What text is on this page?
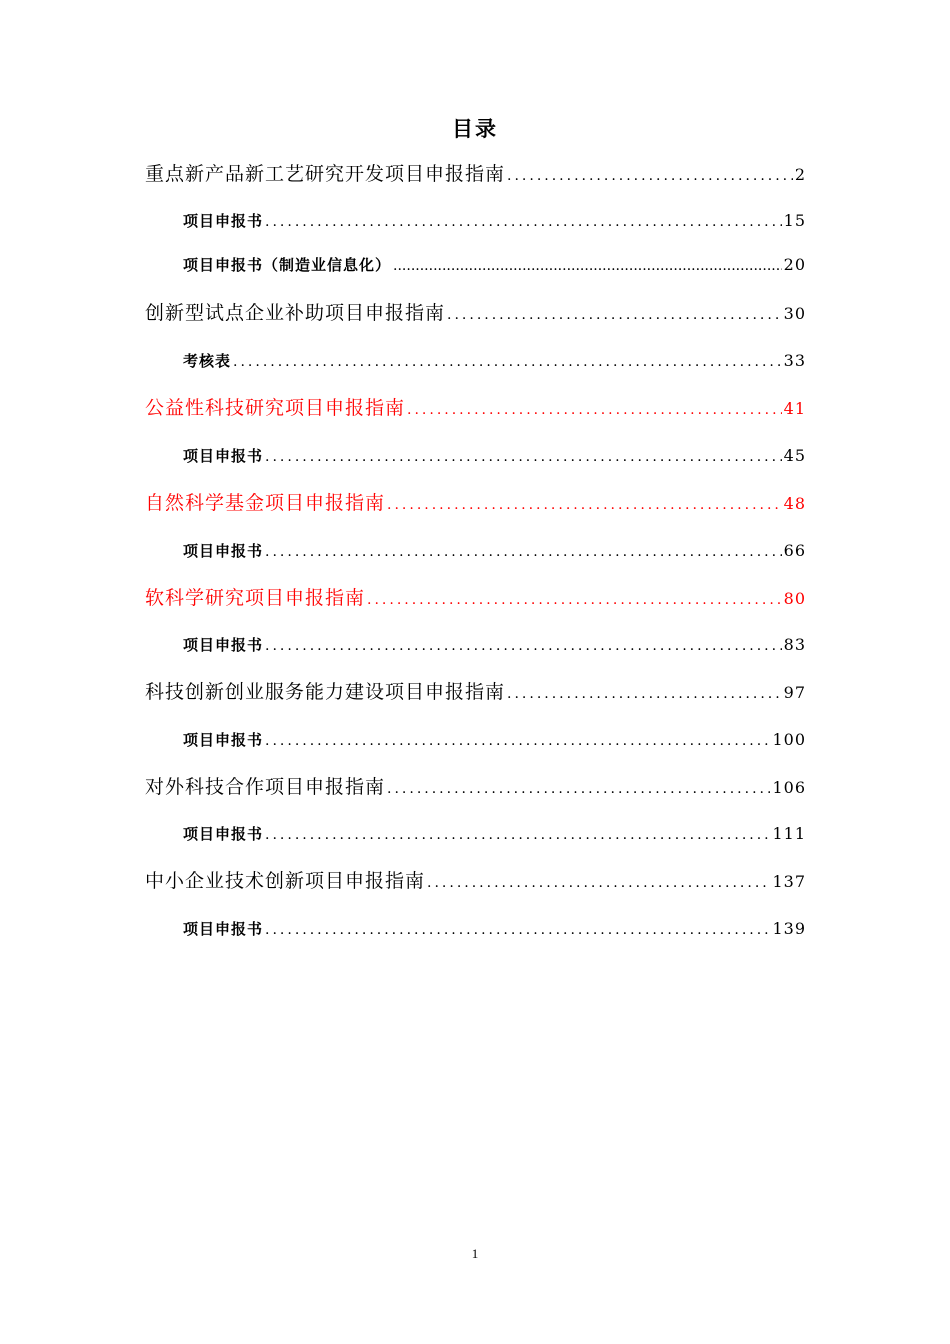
目录
重点新产品新工艺研究开发项目申报指南 .....	2
项目申报书 .....	15
项目申报书（制造业信息化） .....	20
创新型试点企业补助项目申报指南 .....	30
考核表 .....	33
公益性科技研究项目申报指南 .....	41
项目申报书 .....	45
自然科学基金项目申报指南 .....	48
项目申报书 .....	66
软科学研究项目申报指南 .....	80
项目申报书 .....	83
科技创新创业服务能力建设项目申报指南 .....	97
项目申报书 .....	100
对外科技合作项目申报指南 .....	106
项目申报书 .....	111
中小企业技术创新项目申报指南 .....	137
项目申报书 .....	139
1
